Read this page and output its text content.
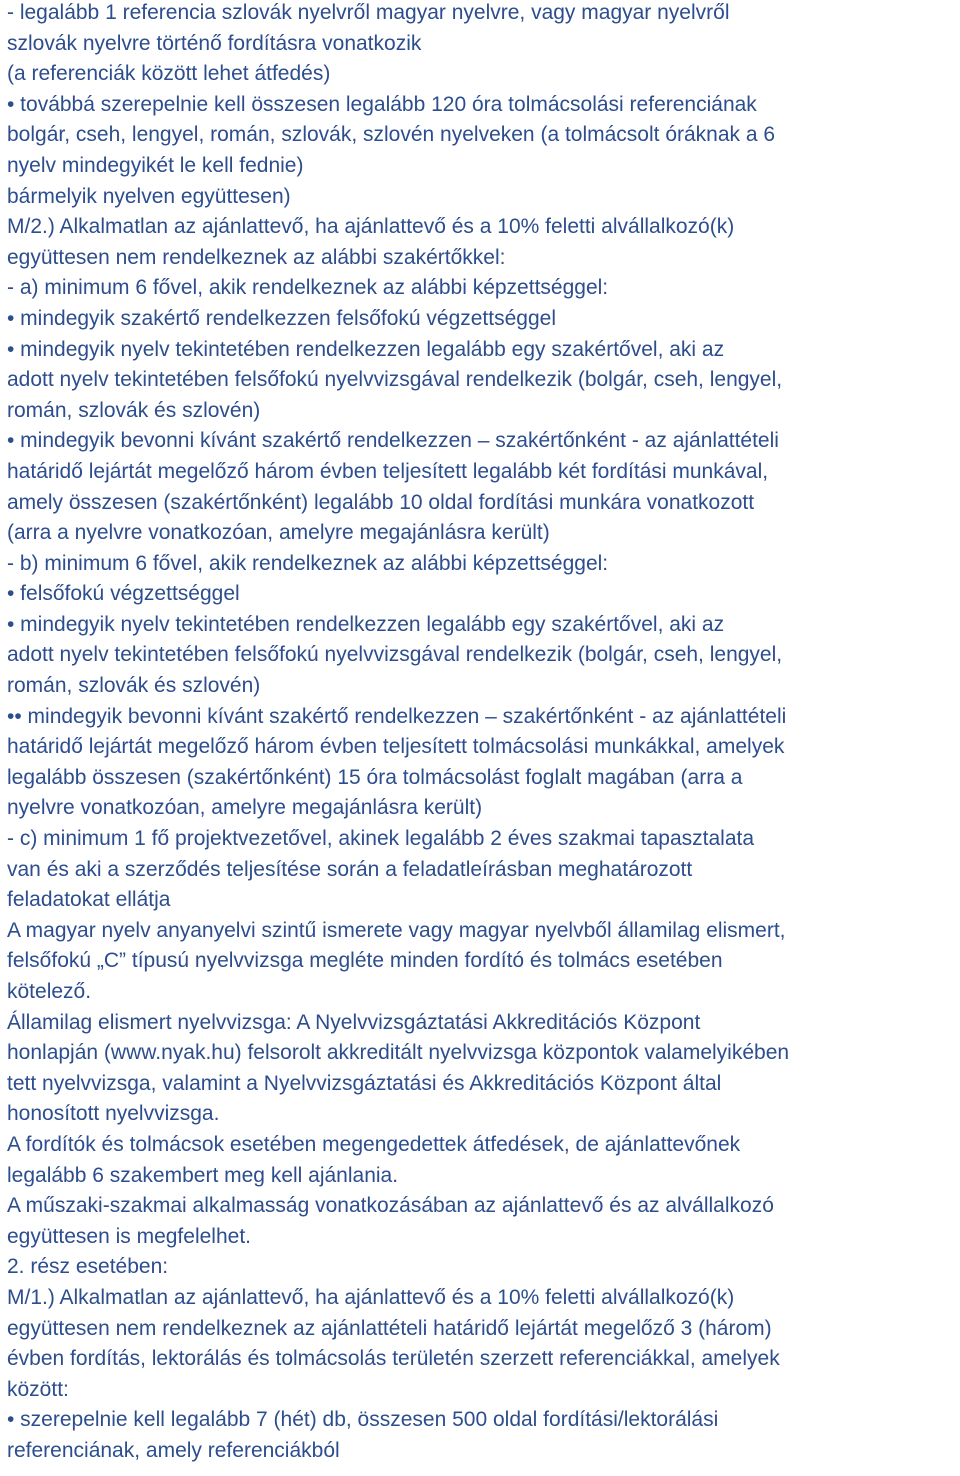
- legalább 1 referencia szlovák nyelvről magyar nyelvre, vagy magyar nyelvről
szlovák nyelvre történő fordításra vonatkozik
(a referenciák között lehet átfedés)
• továbbá szerepelnie kell összesen legalább 120 óra tolmácsolási referenciának
bolgár, cseh, lengyel, román, szlovák, szlovén nyelveken (a tolmácsolt óráknak a 6
nyelv mindegyikét le kell fednie)
bármelyik nyelven együttesen)
M/2.) Alkalmatlan az ajánlattevő, ha ajánlattevő és a 10% feletti alvállalkozó(k)
együttesen nem rendelkeznek az alábbi szakértőkkel:
- a) minimum 6 fővel, akik rendelkeznek az alábbi képzettséggel:
• mindegyik szakértő rendelkezzen felsőfokú végzettséggel
• mindegyik nyelv tekintetében rendelkezzen legalább egy szakértővel, aki az
adott nyelv tekintetében felsőfokú nyelvvizsgával rendelkezik (bolgár, cseh, lengyel,
román, szlovák és szlovén)
• mindegyik bevonni kívánt szakértő rendelkezzen – szakértőnként - az ajánlattételi
határidő lejártát megelőző három évben teljesített legalább két fordítási munkával,
amely összesen (szakértőnként) legalább 10 oldal fordítási munkára vonatkozott
(arra a nyelvre vonatkozóan, amelyre megajánlásra került)
- b) minimum 6 fővel, akik rendelkeznek az alábbi képzettséggel:
• felsőfokú végzettséggel
• mindegyik nyelv tekintetében rendelkezzen legalább egy szakértővel, aki az
adott nyelv tekintetében felsőfokú nyelvvizsgával rendelkezik (bolgár, cseh, lengyel,
román, szlovák és szlovén)
•• mindegyik bevonni kívánt szakértő rendelkezzen – szakértőnként - az ajánlattételi
határidő lejártát megelőző három évben teljesített tolmácsolási munkákkal, amelyek
legalább összesen (szakértőnként) 15 óra tolmácsolást foglalt magában (arra a
nyelvre vonatkozóan, amelyre megajánlásra került)
- c) minimum 1 fő projektvezetővel, akinek legalább 2 éves szakmai tapasztalata
van és aki a szerződés teljesítése során a feladatleírásban meghatározott
feladatokat ellátja
A magyar nyelv anyanyelvi szintű ismerete vagy magyar nyelvből államilag elismert,
felsőfokú „C” típusú nyelvvizsga megléte minden fordító és tolmács esetében
kötelező.
Államilag elismert nyelvvizsga: A Nyelvvizsgáztatási Akkreditációs Központ
honlapján (www.nyak.hu) felsorolt akkreditált nyelvvizsga központok valamelyikében
tett nyelvvizsga, valamint a Nyelvvizsgáztatási és Akkreditációs Központ által
honosított nyelvvizsga.
A fordítók és tolmácsok esetében megengedettek átfedések, de ajánlattevőnek
legalább 6 szakembert meg kell ajánlania.
A műszaki-szakmai alkalmasság vonatkozásában az ajánlattevő és az alvállalkozó
együttesen is megfelelhet.
2. rész esetében:
M/1.) Alkalmatlan az ajánlattevő, ha ajánlattevő és a 10% feletti alvállalkozó(k)
együttesen nem rendelkeznek az ajánlattételi határidő lejártát megelőző 3 (három)
évben fordítás, lektorálás és tolmácsolás területén szerzett referenciákkal, amelyek
között:
• szerepelnie kell legalább 7 (hét) db, összesen 500 oldal fordítási/lektorálási
referenciának, amely referenciákból
